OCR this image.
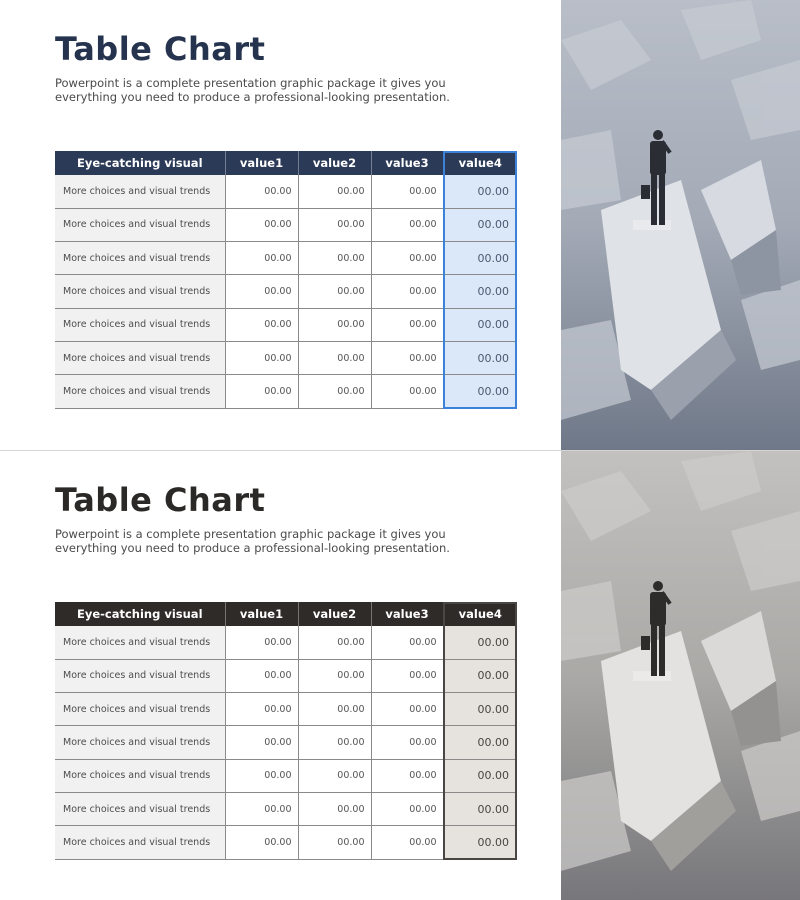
Table Chart
Powerpoint is a complete presentation graphic package it gives you everything you need to produce a professional-looking presentation.
Eye-catching visual	value1	value2	value3	value4
More choices and visual trends	00.00	00.00	00.00	00.00
More choices and visual trends	00.00	00.00	00.00	00.00
More choices and visual trends	00.00	00.00	00.00	00.00
More choices and visual trends	00.00	00.00	00.00	00.00
More choices and visual trends	00.00	00.00	00.00	00.00
More choices and visual trends	00.00	00.00	00.00	00.00
More choices and visual trends	00.00	00.00	00.00	00.00
Table Chart
Powerpoint is a complete presentation graphic package it gives you everything you need to produce a professional-looking presentation.
Eye-catching visual	value1	value2	value3	value4
More choices and visual trends	00.00	00.00	00.00	00.00
More choices and visual trends	00.00	00.00	00.00	00.00
More choices and visual trends	00.00	00.00	00.00	00.00
More choices and visual trends	00.00	00.00	00.00	00.00
More choices and visual trends	00.00	00.00	00.00	00.00
More choices and visual trends	00.00	00.00	00.00	00.00
More choices and visual trends	00.00	00.00	00.00	00.00
